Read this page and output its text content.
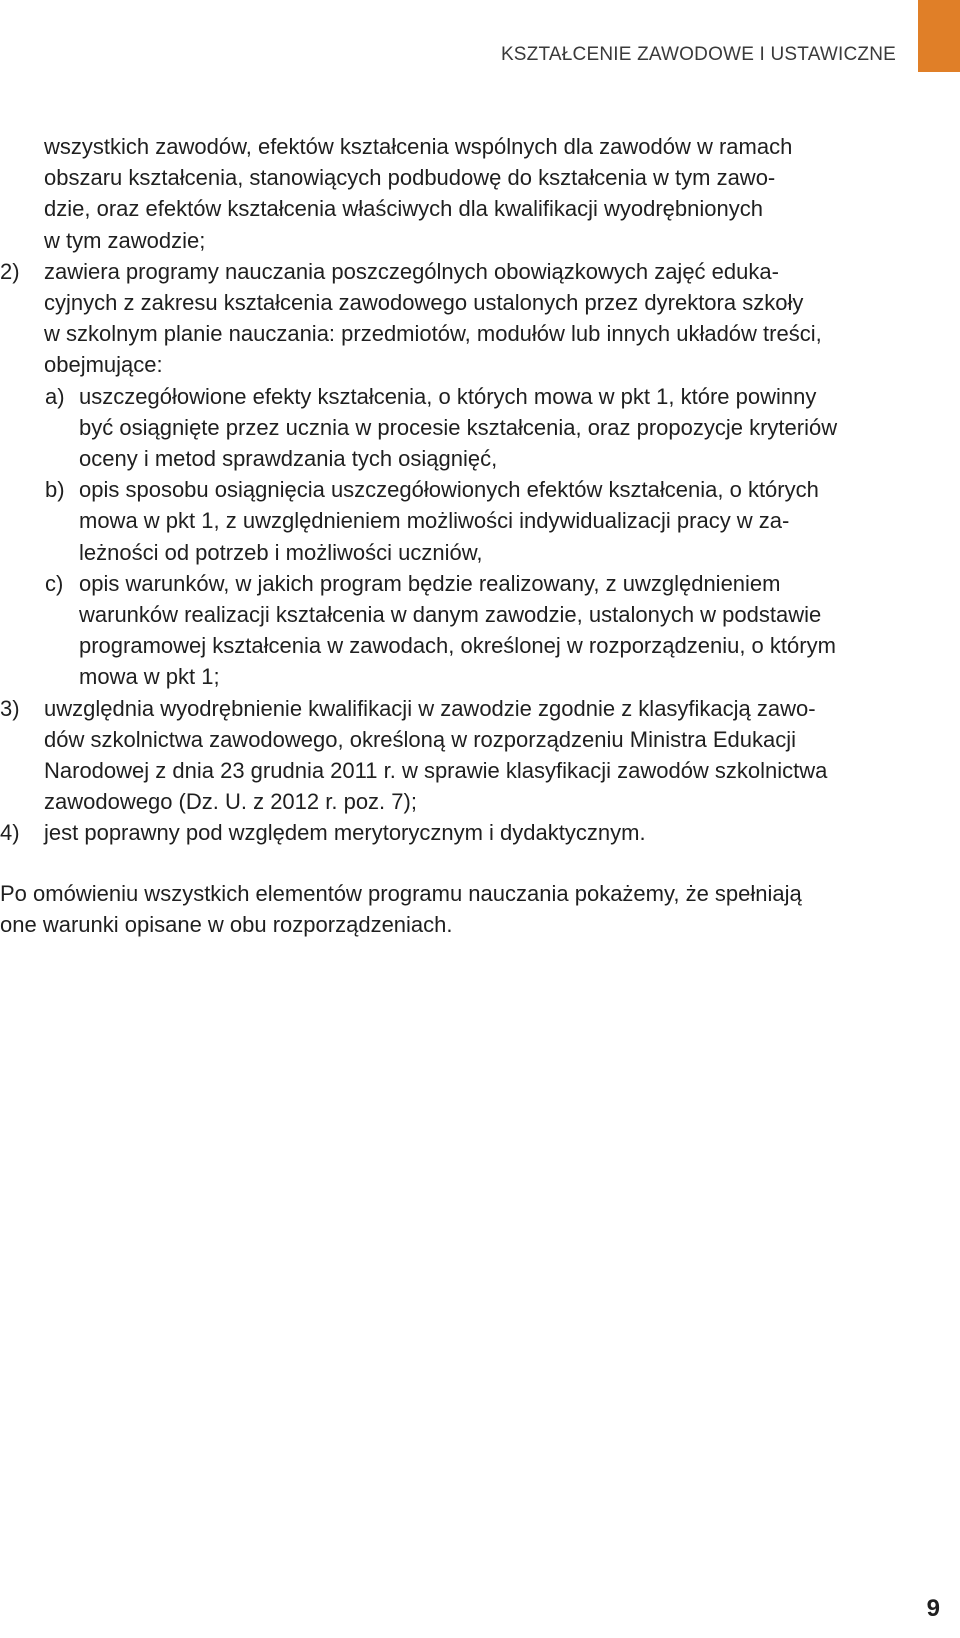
KSZTAŁCENIE ZAWODOWE I USTAWICZNE
wszystkich zawodów, efektów kształcenia wspólnych dla zawodów w ramach
obszaru kształcenia, stanowiących podbudowę do kształcenia w tym zawo-
dzie, oraz efektów kształcenia właściwych dla kwalifikacji wyodrębnionych
w tym zawodzie;
2) zawiera programy nauczania poszczególnych obowiązkowych zajęć eduka-
cyjnych z zakresu kształcenia zawodowego ustalonych przez dyrektora szkoły
w szkolnym planie nauczania: przedmiotów, modułów lub innych układów treści,
obejmujące:
a) uszczegółowione efekty kształcenia, o których mowa w pkt 1, które powinny
być osiągnięte przez ucznia w procesie kształcenia, oraz propozycje kryteriów
oceny i metod sprawdzania tych osiągnięć,
b) opis sposobu osiągnięcia uszczegółowionych efektów kształcenia, o których
mowa w pkt 1, z uwzględnieniem możliwości indywidualizacji pracy w za-
leżności od potrzeb i możliwości uczniów,
c) opis warunków, w jakich program będzie realizowany, z uwzględnieniem
warunków realizacji kształcenia w danym zawodzie, ustalonych w podstawie
programowej kształcenia w zawodach, określonej w rozporządzeniu, o którym
mowa w pkt 1;
3) uwzględnia wyodrębnienie kwalifikacji w zawodzie zgodnie z klasyfikacją zawo-
dów szkolnictwa zawodowego, określoną w rozporządzeniu Ministra Edukacji
Narodowej z dnia 23 grudnia 2011 r. w sprawie klasyfikacji zawodów szkolnictwa
zawodowego (Dz. U. z 2012 r. poz. 7);
4) jest poprawny pod względem merytorycznym i dydaktycznym.
Po omówieniu wszystkich elementów programu nauczania pokażemy, że spełniają
one warunki opisane w obu rozporządzeniach.
9
